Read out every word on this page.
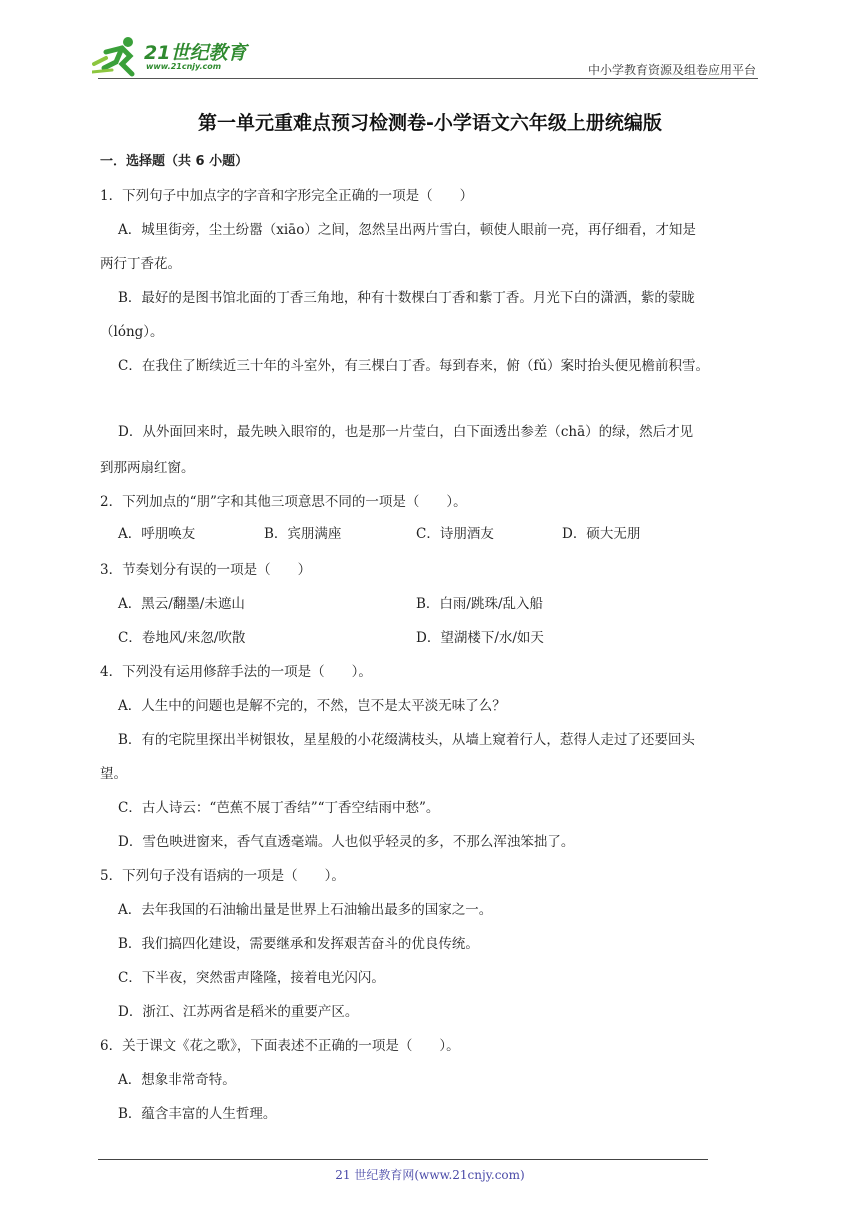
21世纪教育
www.21cnjy.com	中小学教育资源及组卷应用平台
第一单元重难点预习检测卷-小学语文六年级上册统编版
一．选择题（共 6 小题）
1．下列句子中加点字的字音和字形完全正确的一项是（　　）
A．城里街旁，尘土纷嚣（xiāo）之间，忽然呈出两片雪白，顿使人眼前一亮，再仔细看，才知是
两行丁香花。
B．最好的是图书馆北面的丁香三角地，种有十数棵白丁香和紫丁香。月光下白的潇洒，紫的蒙眬
（lóng）。
C．在我住了断续近三十年的斗室外，有三棵白丁香。每到春来，俯（fǔ）案时抬头便见檐前积雪。
D．从外面回来时，最先映入眼帘的，也是那一片莹白，白下面透出参差（chā）的绿，然后才见
到那两扇红窗。
2．下列加点的“朋”字和其他三项意思不同的一项是（　　）。
A．呼朋唤友	B．宾朋满座	C．诗朋酒友	D．硕大无朋
3．节奏划分有误的一项是（　　）
A．黑云/翻墨/未遮山	B．白雨/跳珠/乱入船
C．卷地风/来忽/吹散	D．望湖楼下/水/如天
4．下列没有运用修辞手法的一项是（　　）。
A．人生中的问题也是解不完的，不然，岂不是太平淡无味了么？
B．有的宅院里探出半树银妆，星星般的小花缀满枝头，从墙上窥着行人，惹得人走过了还要回头
望。
C．古人诗云：“芭蕉不展丁香结”“丁香空结雨中愁”。
D．雪色映进窗来，香气直透毫端。人也似乎轻灵的多，不那么浑浊笨拙了。
5．下列句子没有语病的一项是（　　）。
A．去年我国的石油输出量是世界上石油输出最多的国家之一。
B．我们搞四化建设，需要继承和发挥艰苦奋斗的优良传统。
C．下半夜，突然雷声隆隆，接着电光闪闪。
D．浙江、江苏两省是稻米的重要产区。
6．关于课文《花之歌》，下面表述不正确的一项是（　　）。
A．想象非常奇特。
B．蕴含丰富的人生哲理。
21 世纪教育网(www.21cnjy.com)
